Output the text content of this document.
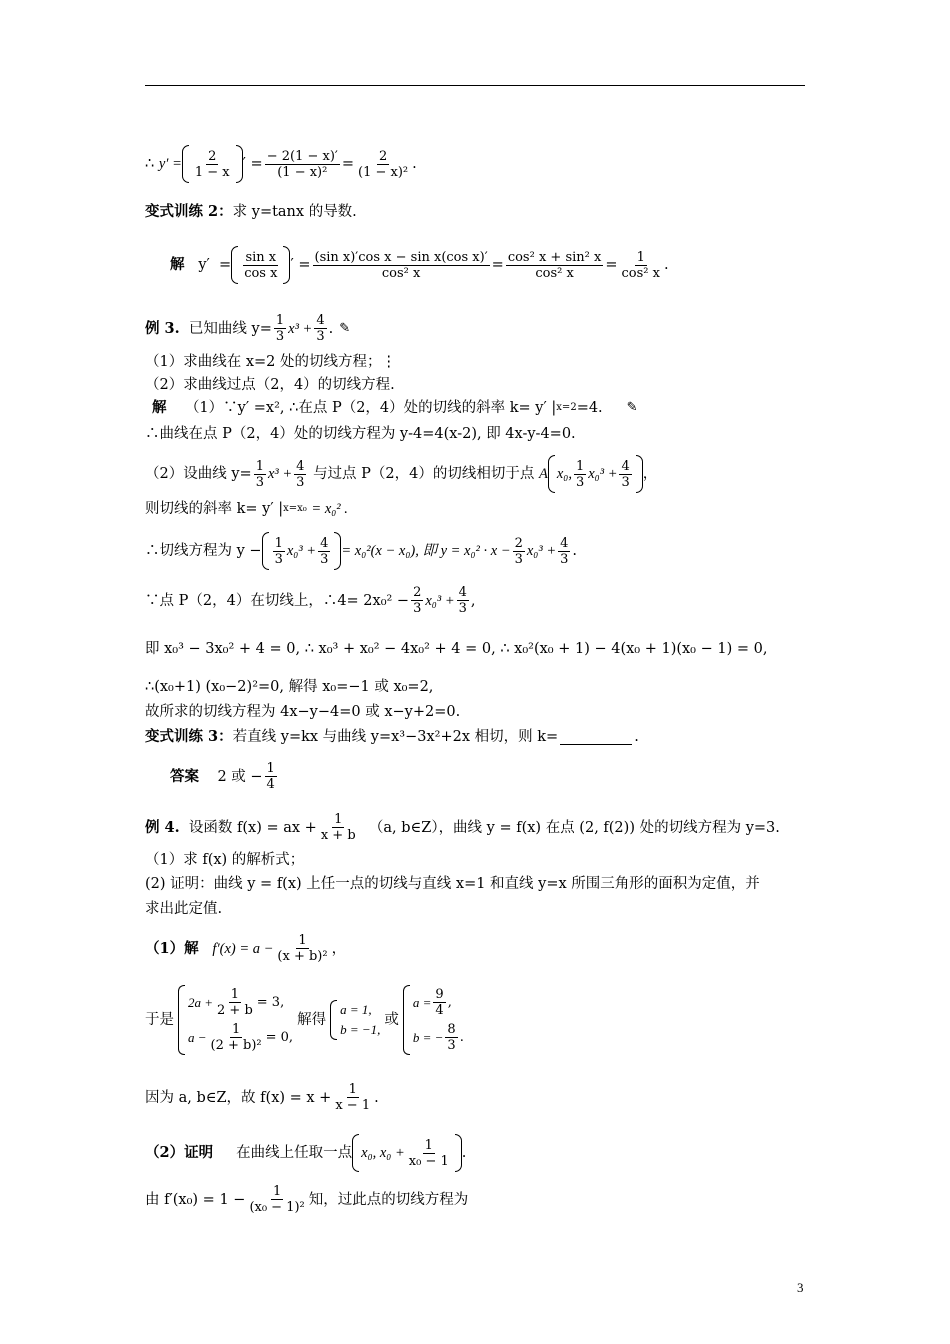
∴
y′ = 2
1 − x ′ = $\frac{- 2(1 - x)'}{\text{(1 − x)²}} = \frac{2}{\text{(1 − x)²}}$ .
变式训练 2： 求 y=tanx 的导数.
解
y′
= sin x
cos x ′ = $\frac{\text{(sin x)′cos x − sin x(cos x)′}}{\text{cos² x}} = \frac{\text{cos² x + sin² x}}{\text{cos² x}} = \frac{1}{\text{cos² x}}$ .
例 3.
已知曲线 $y= \frac{1}{3} x^3 + \frac{4}{3}$ . ✎
（1）求曲线在 x=2 处的切线方程；⋮
（2）求曲线过点（2，4）的切线方程.
解
（1）∵y′ =x², ∴在点 P（2，4）处的切线的斜率 k= y′ | x=2 =4. ✎
∴曲线在点 P（2，4）处的切线方程为 y-4=4(x-2), 即 4x-y-4=0.
（2）设曲线 $y= \frac{1}{3} x^3 + \frac{4}{3}$
与过点 P（2，4）的切线相切于点
A x₀, 1
3 $x_0^3 + \frac{4}{3}$ ，
则切线的斜率 k= y′ | x=x₀
= x₀² .
∴切线方程为 y − 1
3 $x_0^3 + \frac{4}{3} = x_0^2(x - x_0)$, 即 $y = x_0^2 \cdot x - \frac{2}{3} x_0^3 + \frac{4}{3}$ .
∵点 P（2，4）在切线上，∴4= $2x_0^2 - \frac{2}{3} x_0^3 + \frac{4}{3}$ ,
即 x₀³ − 3x₀² + 4 = 0, ∴ x₀³ + x₀² − 4x₀² + 4 = 0, ∴ x₀²(x₀ + 1) − 4(x₀ + 1)(x₀ − 1) = 0,
∴(x₀+1) (x₀−2)²=0, 解得 x₀=−1 或 x₀=2,
故所求的切线方程为 4x−y−4=0 或 x−y+2=0.
变式训练 3： 若直线 y=kx 与曲线 y=x³−3x²+2x 相切，则 k=	.
答案
2 或 − $\frac{1}{4}$
例 4.
设函数 f(x) = ax + $\frac{1}{x + b}$
（a, b∈Z），曲线 y = f(x) 在点 (2, f(2)) 处的切线方程为 y=3.
（1）求 f(x) 的解析式；
(2) 证明：曲线 y = f(x) 上任一点的切线与直线 x=1 和直线 y=x 所围三角形的面积为定值，并
求出此定值.
（1）解
$f'(x) = a - \frac{1}{\text{(x + b)²}}$ ，
于是
$2a + \frac{1}{2 + b} = 3$,
$a - \frac{1}{\text{(2 + b)²}} = 0$,
解得
a = 1,
b = −1,
或
$a = \frac{9}{4}$ ,
b = − $\frac{8}{3}$ .
因为 a, b∈Z，故 $f(x) = x + \frac{1}{x - 1}$ .
（2）证明
在曲线上任取一点 x₀, $x_0 + \frac{1}{\text{x₀ − 1}}$ .
由 $f'(x_0) = 1 - \frac{1}{\text{(x₀ − 1)²}}$ 知，过此点的切线方程为
3
